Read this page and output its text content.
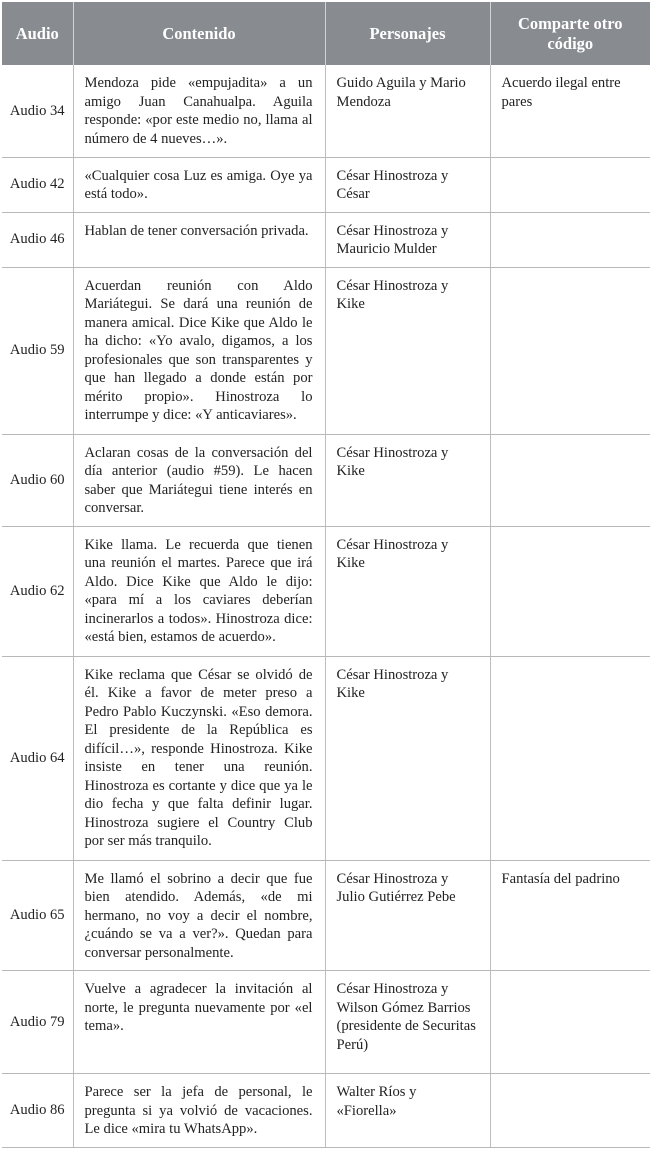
Audio	Contenido	Personajes	Comparte otro código
Audio 34	Mendoza pide «empujadita» a un amigo Juan Canahualpa. Aguila responde: «por este medio no, llama al número de 4 nueves…».	Guido Aguila y Mario Mendoza	Acuerdo ilegal entre pares
Audio 42	«Cualquier cosa Luz es amiga. Oye ya está todo».	César Hinostroza y César	
Audio 46	Hablan de tener conversación privada.	César Hinostroza y Mauricio Mulder	
Audio 59	Acuerdan reunión con Aldo Mariátegui. Se dará una reunión de manera amical. Dice Kike que Aldo le ha dicho: «Yo avalo, digamos, a los profesionales que son transparentes y que han llegado a donde están por mérito propio». Hinostroza lo interrumpe y dice: «Y anticaviares».	César Hinostroza y Kike	
Audio 60	Aclaran cosas de la conversación del día anterior (audio #59). Le hacen saber que Mariátegui tiene interés en conversar.	César Hinostroza y Kike	
Audio 62	Kike llama. Le recuerda que tienen una reunión el martes. Parece que irá Aldo. Dice Kike que Aldo le dijo: «para mí a los caviares deberían incinerarlos a todos». Hinostroza dice: «está bien, estamos de acuerdo».	César Hinostroza y Kike	
Audio 64	Kike reclama que César se olvidó de él. Kike a favor de meter preso a Pedro Pablo Kuczynski. «Eso demora. El presidente de la República es difícil…», responde Hinostroza. Kike insiste en tener una reunión. Hinostroza es cortante y dice que ya le dio fecha y que falta definir lugar. Hinostroza sugiere el Country Club por ser más tranquilo.	César Hinostroza y Kike	
Audio 65	Me llamó el sobrino a decir que fue bien atendido. Además, «de mi hermano, no voy a decir el nombre, ¿cuándo se va a ver?». Quedan para conversar personalmente.	César Hinostroza y Julio Gutiérrez Pebe	Fantasía del padrino
Audio 79	Vuelve a agradecer la invitación al norte, le pregunta nuevamente por «el tema».	César Hinostroza y Wilson Gómez Barrios (presidente de Securitas Perú)	
Audio 86	Parece ser la jefa de personal, le pregunta si ya volvió de vacaciones. Le dice «mira tu WhatsApp».	Walter Ríos y «Fiorella»	
